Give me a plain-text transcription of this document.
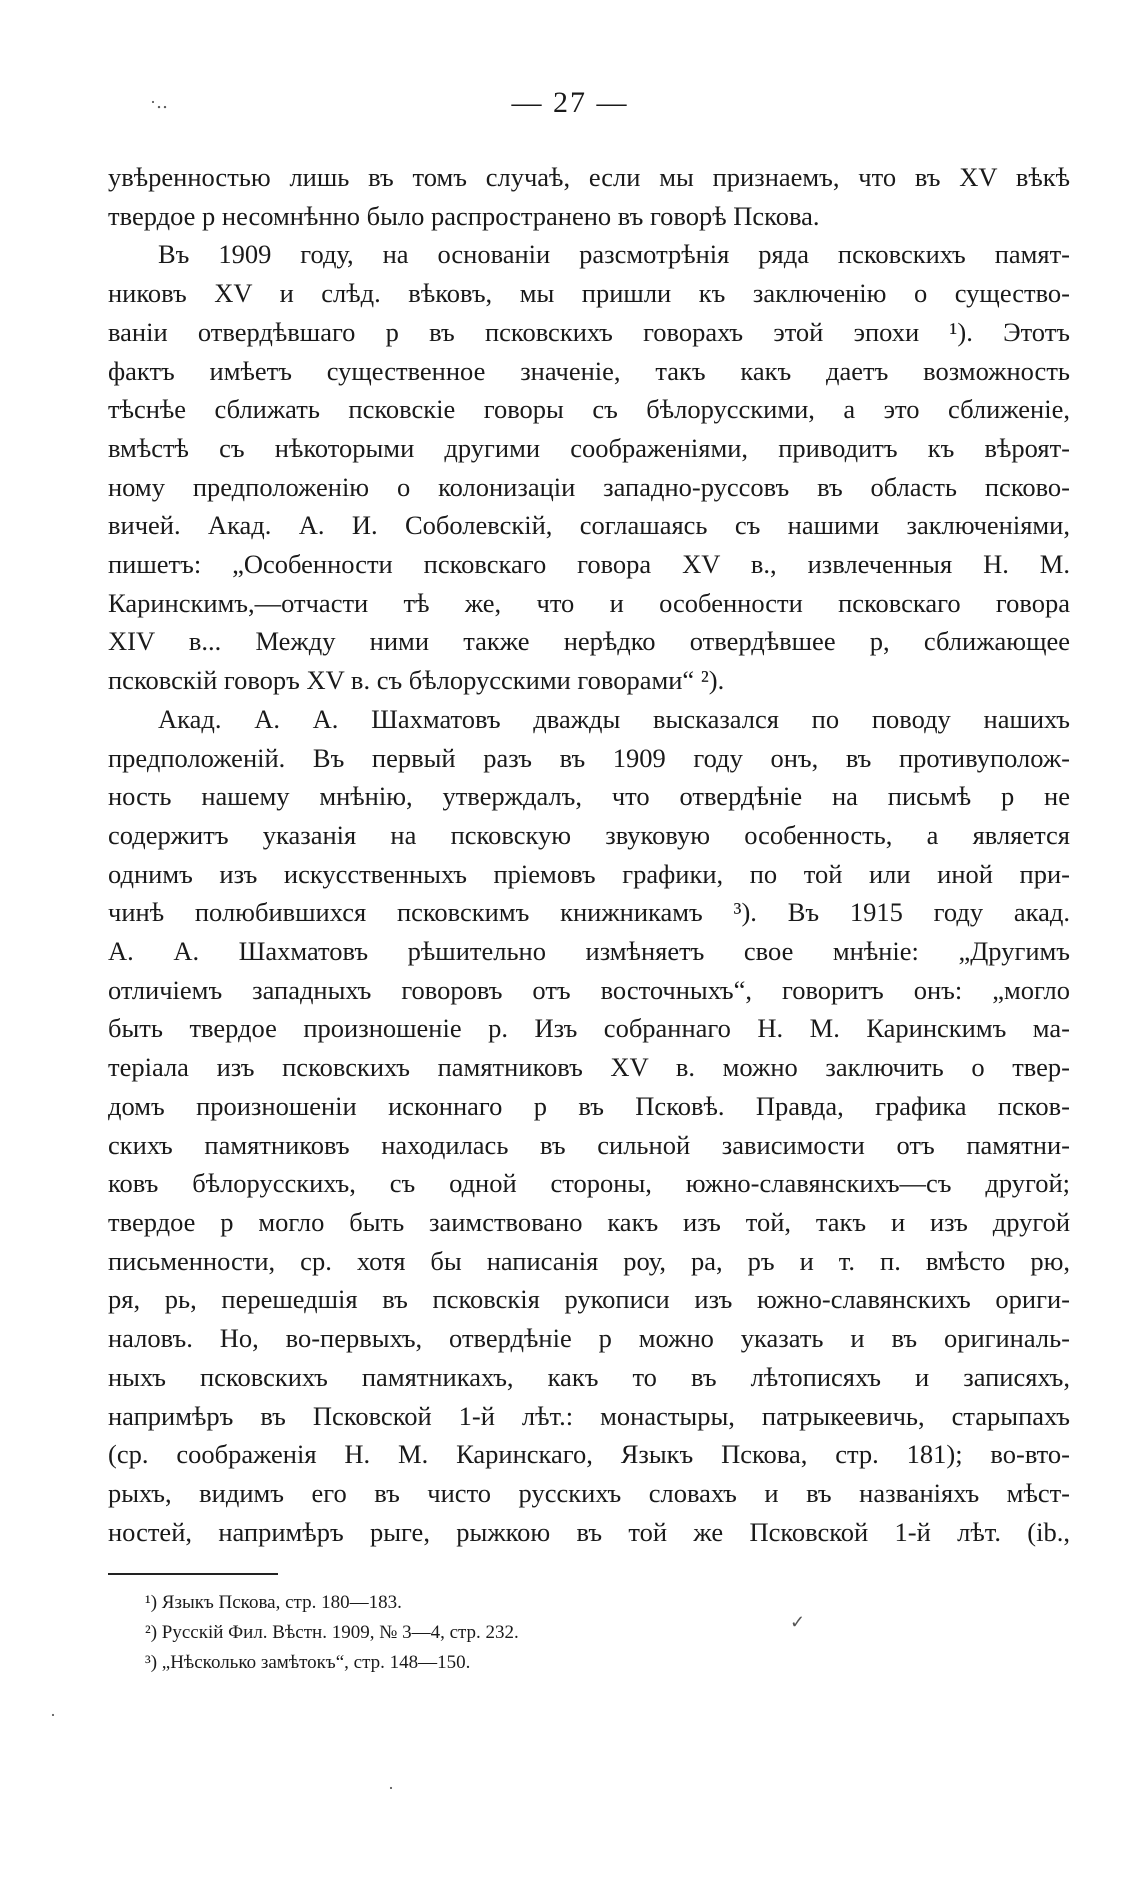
— 27 —
·‥
увѣренностью лишь въ томъ случаѣ, если мы признаемъ, что въ XV вѣкѣ
твердое р несомнѣнно было распространено въ говорѣ Пскова.
Въ 1909 году, на основаніи разсмотрѣнія ряда псковскихъ памят-
никовъ XV и слѣд. вѣковъ, мы пришли къ заключенію о существо-
ваніи отвердѣвшаго р въ псковскихъ говорахъ этой эпохи ¹). Этотъ
фактъ имѣетъ существенное значеніе, такъ какъ даетъ возможность
тѣснѣе сближать псковскіе говоры съ бѣлорусскими, а это сближеніе,
вмѣстѣ съ нѣкоторыми другими соображеніями, приводитъ къ вѣроят-
ному предположенію о колонизаціи западно-руссовъ въ область псково-
вичей. Акад. А. И. Соболевскій, соглашаясь съ нашими заключеніями,
пишетъ: „Особенности псковскаго говора XV в., извлеченныя Н. М.
Каринскимъ,—отчасти тѣ же, что и особенности псковскаго говора
XIV в... Между ними также нерѣдко отвердѣвшее р, сближающее
псковскій говоръ XV в. съ бѣлорусскими говорами“ ²).
Акад. А. А. Шахматовъ дважды высказался по поводу нашихъ
предположеній. Въ первый разъ въ 1909 году онъ, въ противуполож-
ность нашему мнѣнію, утверждалъ, что отвердѣніе на письмѣ р не
содержитъ указанія на псковскую звуковую особенность, а является
однимъ изъ искусственныхъ пріемовъ графики, по той или иной при-
чинѣ полюбившихся псковскимъ книжникамъ ³). Въ 1915 году акад.
А. А. Шахматовъ рѣшительно измѣняетъ свое мнѣніе: „Другимъ
отличіемъ западныхъ говоровъ отъ восточныхъ“, говоритъ онъ: „могло
быть твердое произношеніе р. Изъ собраннаго Н. М. Каринскимъ ма-
теріала изъ псковскихъ памятниковъ XV в. можно заключить о твер-
домъ произношеніи исконнаго р въ Псковѣ. Правда, графика псков-
скихъ памятниковъ находилась въ сильной зависимости отъ памятни-
ковъ бѣлорусскихъ, съ одной стороны, южно-славянскихъ—съ другой;
твердое р могло быть заимствовано какъ изъ той, такъ и изъ другой
письменности, ср. хотя бы написанія роу, ра, ръ и т. п. вмѣсто рю,
ря, рь, перешедшія въ псковскія рукописи изъ южно-славянскихъ ориги-
наловъ. Но, во-первыхъ, отвердѣніе р можно указать и въ оригиналь-
ныхъ псковскихъ памятникахъ, какъ то въ лѣтописяхъ и записяхъ,
напримѣръ въ Псковской 1-й лѣт.: монастыры, патрыкеевичь, старыпахъ
(ср. соображенія Н. М. Каринскаго, Языкъ Пскова, стр. 181); во-вто-
рыхъ, видимъ его въ чисто русскихъ словахъ и въ названіяхъ мѣст-
ностей, напримѣръ рыге, рыжкою въ той же Псковской 1-й лѣт. (ib.,
¹) Языкъ Пскова, стр. 180—183.
²) Русскій Фил. Вѣстн. 1909, № 3—4, стр. 232.
³) „Нѣсколько замѣтокъ“, стр. 148—150.
✓
·
·
